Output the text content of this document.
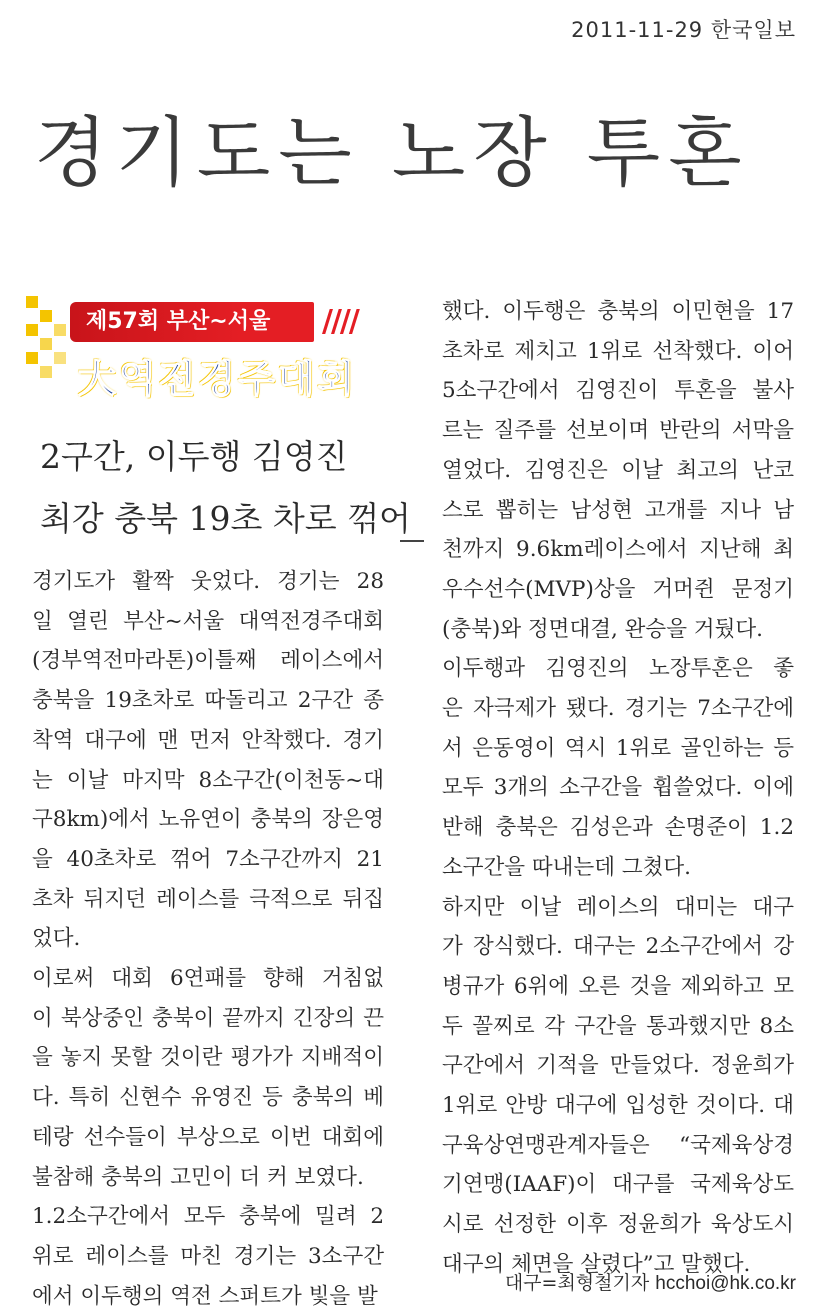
2011-11-29 한국일보
경기도는 노장 투혼
제57회 부산~서울	////
大역전경주대회
2구간, 이두행 김영진
최강 충북 19초 차로 꺾어

경기도가 활짝 웃었다. 경기는 28
일 열린 부산~서울 대역전경주대회
(경부역전마라톤)이틀째 레이스에서
충북을 19초차로 따돌리고 2구간 종
착역 대구에 맨 먼저 안착했다. 경기
는 이날 마지막 8소구간(이천동~대
구8km)에서 노유연이 충북의 장은영
을 40초차로 꺾어 7소구간까지 21
초차 뒤지던 레이스를 극적으로 뒤집
었다.

이로써 대회 6연패를 향해 거침없
이 북상중인 충북이 끝까지 긴장의 끈
을 놓지 못할 것이란 평가가 지배적이
다. 특히 신현수 유영진 등 충북의 베
테랑 선수들이 부상으로 이번 대회에
불참해 충북의 고민이 더 커 보였다.

1.2소구간에서 모두 충북에 밀려 2
위로 레이스를 마친 경기는 3소구간
에서 이두행의 역전 스퍼트가 빛을 발

했다. 이두행은 충북의 이민현을 17
초차로 제치고 1위로 선착했다. 이어
5소구간에서 김영진이 투혼을 불사
르는 질주를 선보이며 반란의 서막을
열었다. 김영진은 이날 최고의 난코
스로 뽑히는 남성현 고개를 지나 남
천까지 9.6km레이스에서 지난해 최
우수선수(MVP)상을 거머쥔 문정기
(충북)와 정면대결, 완승을 거뒀다.

이두행과 김영진의 노장투혼은 좋
은 자극제가 됐다. 경기는 7소구간에
서 은동영이 역시 1위로 골인하는 등
모두 3개의 소구간을 휩쓸었다. 이에
반해 충북은 김성은과 손명준이 1.2
소구간을 따내는데 그쳤다.

하지만 이날 레이스의 대미는 대구
가 장식했다. 대구는 2소구간에서 강
병규가 6위에 오른 것을 제외하고 모
두 꼴찌로 각 구간을 통과했지만 8소
구간에서 기적을 만들었다. 정윤희가
1위로 안방 대구에 입성한 것이다. 대
구육상연맹관계자들은 “국제육상경
기연맹(IAAF)이 대구를 국제육상도
시로 선정한 이후 정윤희가 육상도시
대구의 체면을 살렸다”고 말했다.

대구=최형철기자 hcchoi@hk.co.kr
